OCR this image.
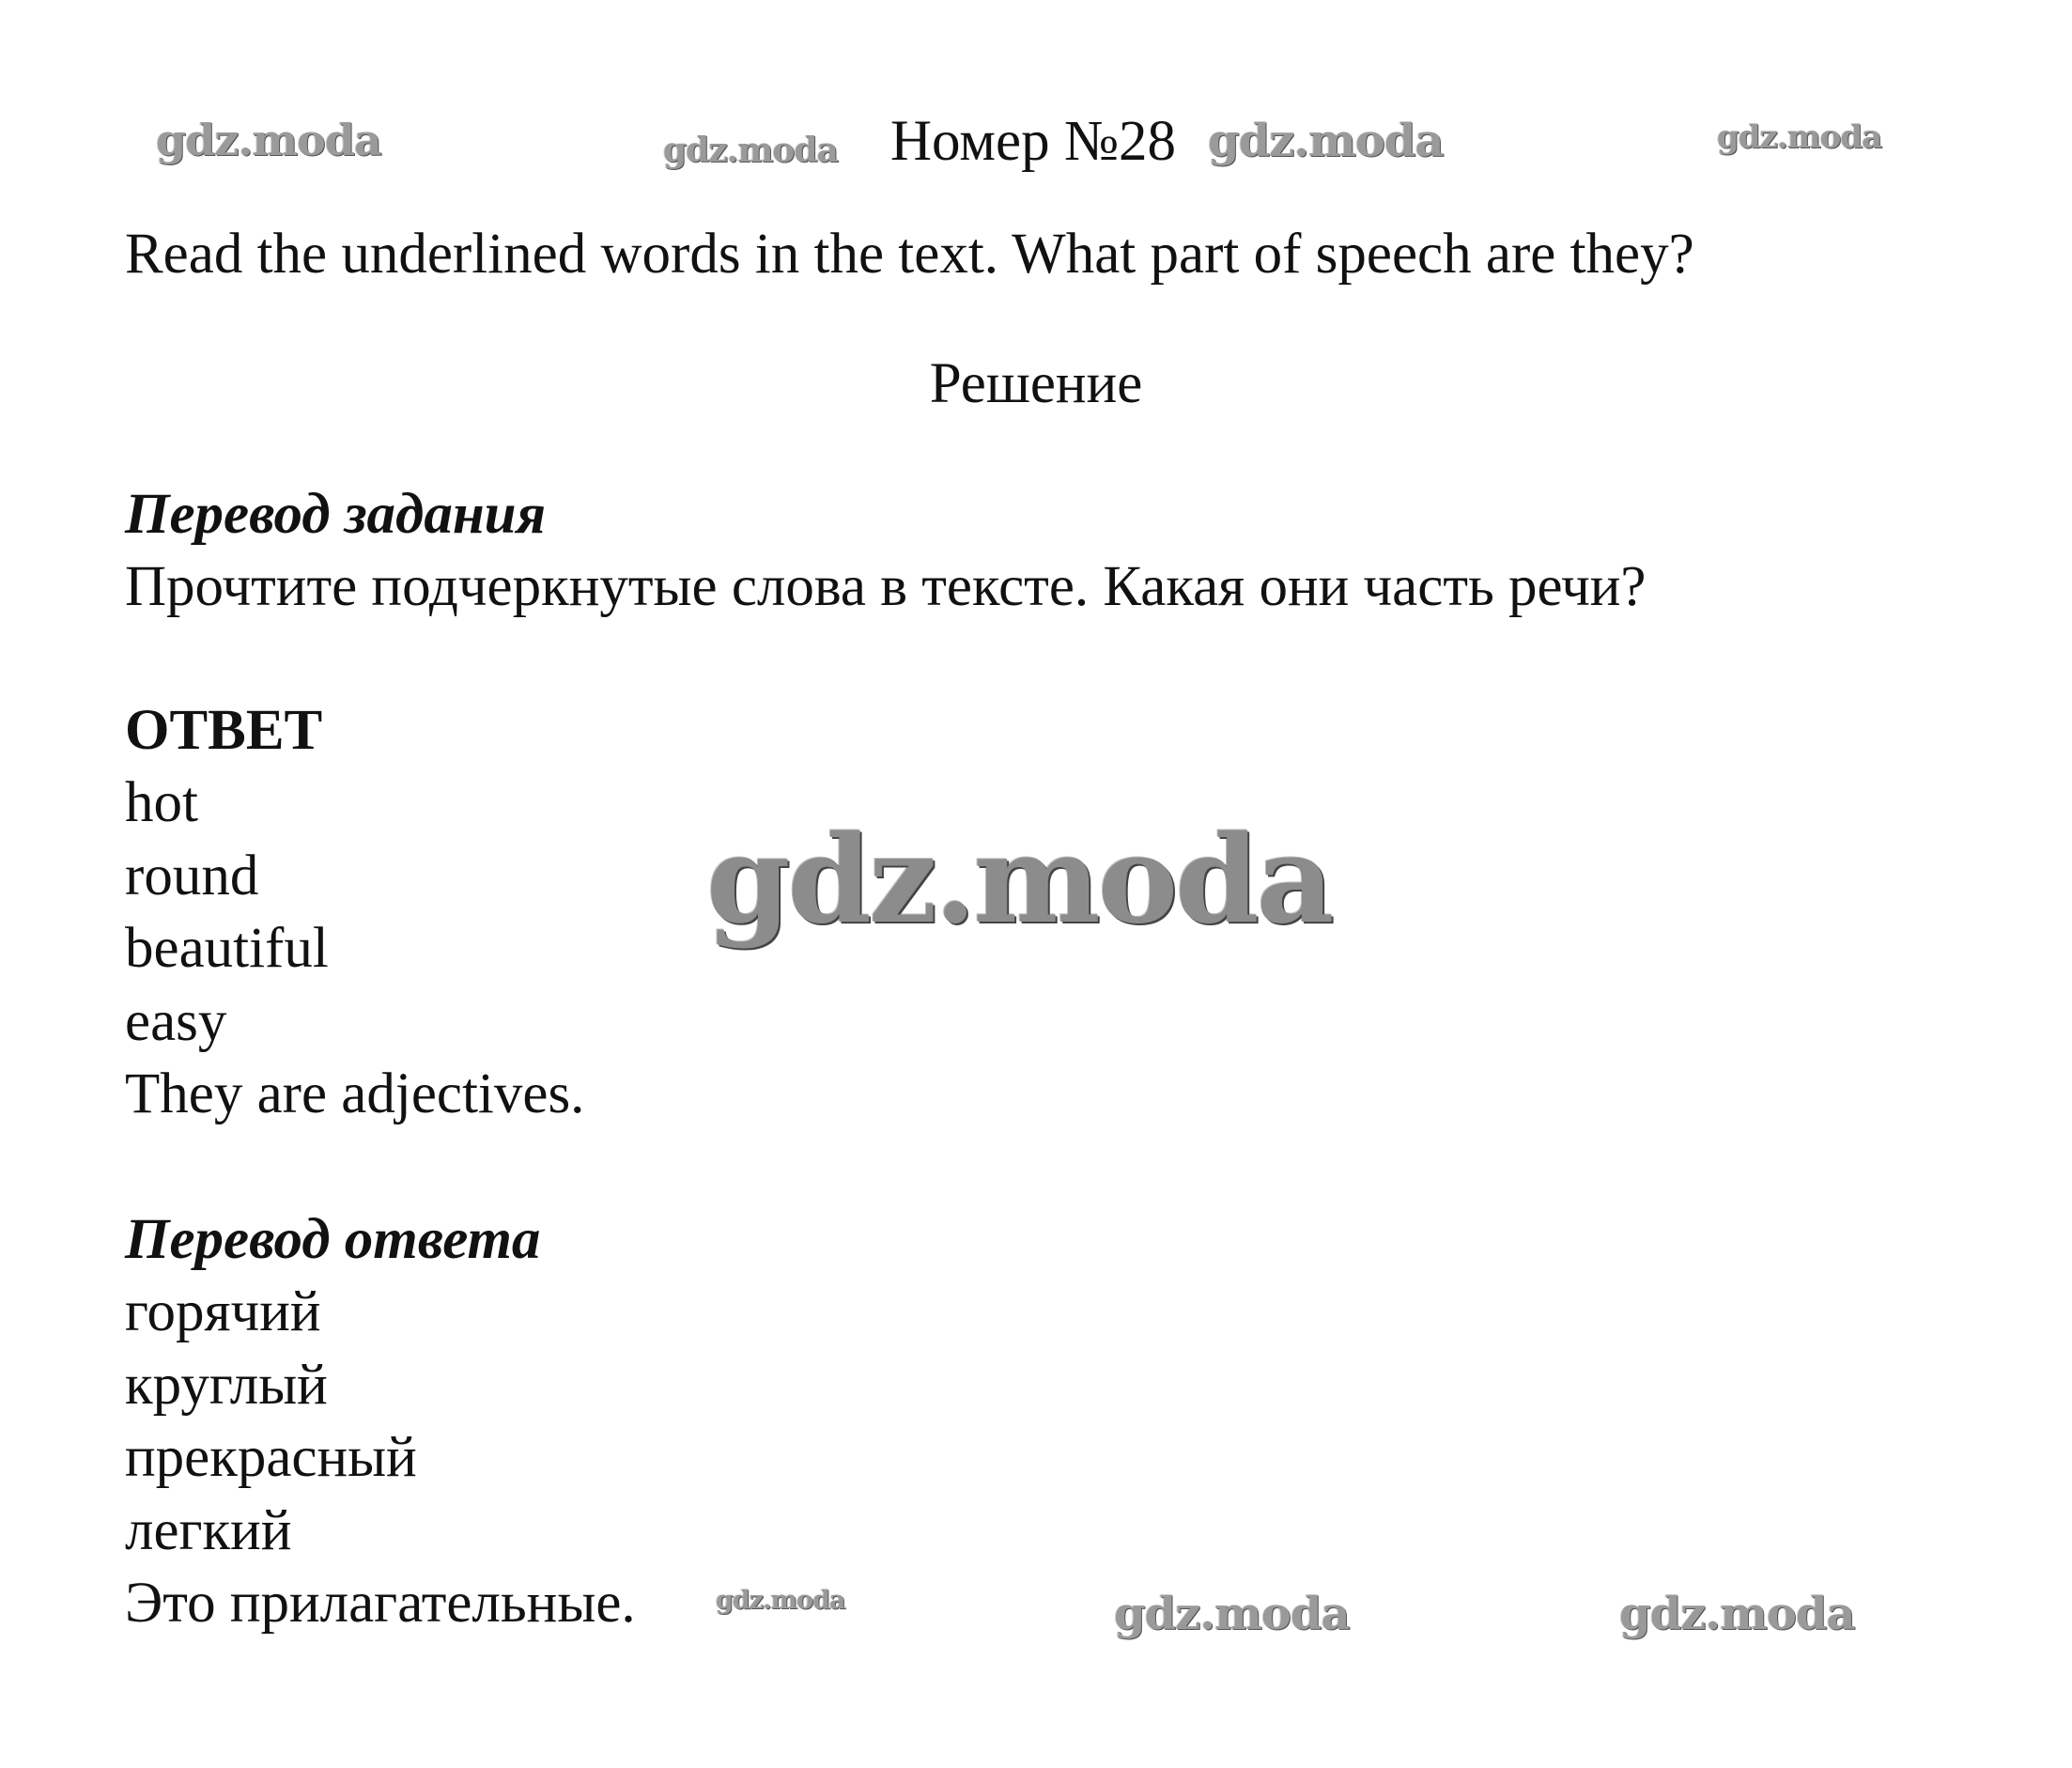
gdz.moda	gdz.moda	gdz.moda	gdz.moda
gdz.moda
gdz.moda	gdz.moda	gdz.moda
Номер №28
Read the underlined words in the text. What part of speech are they?
Решение
Перевод задания
Прочтите подчеркнутые слова в тексте. Какая они часть речи?
ОТВЕТ
hot
round
beautiful
easy
They are adjectives.
Перевод ответа
горячий
круглый
прекрасный
легкий
Это прилагательные.
